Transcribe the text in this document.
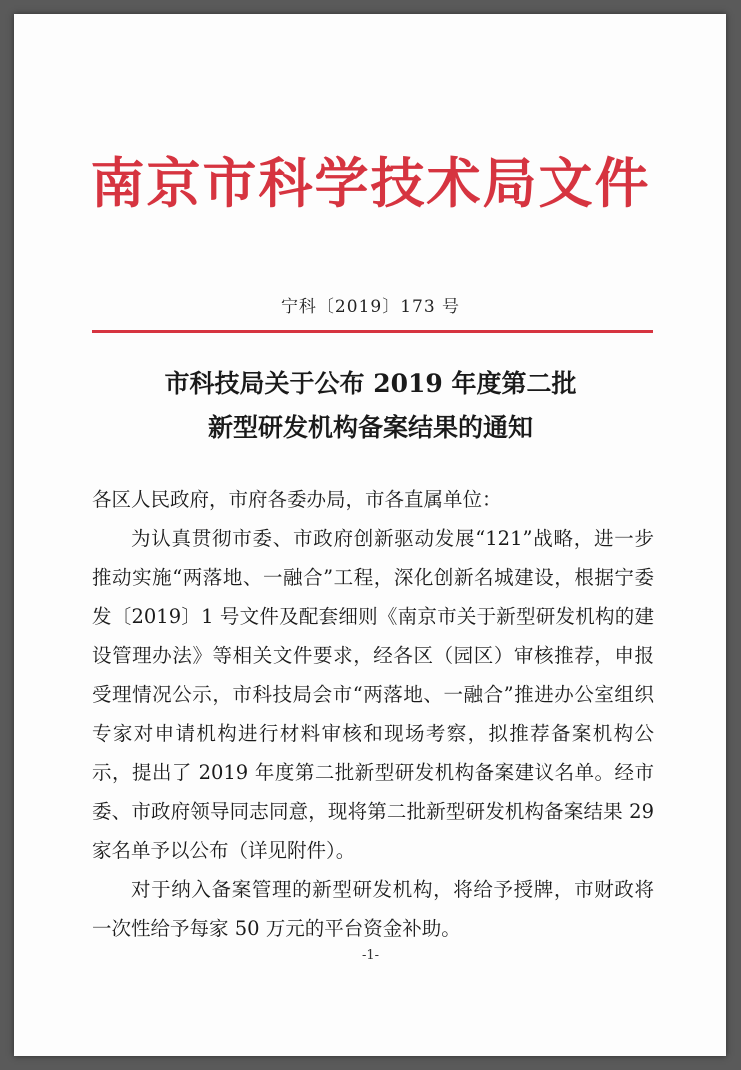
南京市科学技术局文件
宁科〔2019〕173 号
市科技局关于公布 2019 年度第二批
新型研发机构备案结果的通知

各区人民政府，市府各委办局，市各直属单位：

为认真贯彻市委、市政府创新驱动发展“121”战略，进一步推动实施“两落地、一融合”工程，深化创新名城建设，根据宁委发〔2019〕1 号文件及配套细则《南京市关于新型研发机构的建设管理办法》等相关文件要求，经各区（园区）审核推荐，申报受理情况公示，市科技局会市“两落地、一融合”推进办公室组织专家对申请机构进行材料审核和现场考察，拟推荐备案机构公示，提出了 2019 年度第二批新型研发机构备案建议名单。经市委、市政府领导同志同意，现将第二批新型研发机构备案结果 29 家名单予以公布（详见附件）。

对于纳入备案管理的新型研发机构，将给予授牌，市财政将一次性给予每家 50 万元的平台资金补助。

-1-
